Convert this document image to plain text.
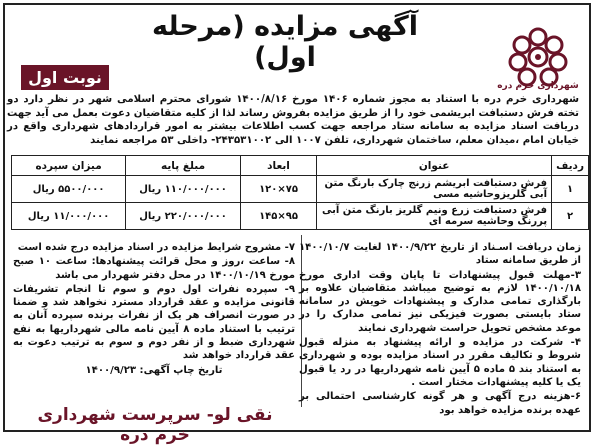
شهرداری خرم دره
آگهی مزایده (مرحله اول)
نوبت اول
شهرداری خرم دره با استناد به مجوز شماره ۱۴۰۶ مورخ ۱۴۰۰/۸/۱۶ شورای محترم اسلامی شهر در نظر دارد دو تخته فرش دستبافت ابریشمی خود را از طریق مزایده بفروش رساند لذا از کلیه متقاضیان دعوت بعمل می آید جهت دریافت اسناد مزایده به سامانه ستاد مراجعه جهت کسب اطلاعات بیشتر به امور قراردادهای شهرداری واقع در خیابان امام ،میدان معلم، ساختمان شهرداری، تلفن ۱۰۰۷ الی ۲۴۳۵۳۱۰۰۲- داخلی ۵۳ مراجعه نمایند
ردیف	عنوان	ابعاد	مبلغ پایه	میزان سپرده
۱	فرش دستبافت ابریشم زرنج چارک بارنگ متن آبی گلریزوحاشیه مسی	۷۵×۱۲۰	۱۱۰/۰۰۰/۰۰۰ ریال	۵۵۰۰/۰۰۰ ریال
۲	فرش دستبافت زرع ونیم گلریز بارنگ متن آبی پررنگ وحاشیه سرمه ای	۹۵×۱۴۵	۲۲۰/۰۰۰/۰۰۰ ریال	۱۱/۰۰۰/۰۰۰ ریال

زمان دریافت اسـناد از تاریخ ۱۴۰۰/۹/۲۲ لغایت ۱۴۰۰/۱۰/۷ از طریق سامانه ستاد

۳-مهلت قبول پیشنهادات تا پایان وقت اداری مورخ ۱۴۰۰/۱۰/۱۸ لازم به توضیح میباشد متقاضیان علاوه بر بارگذاری تمامی مدارک و پیشنهادات خویش در سامانه ستاد بایستی بصورت فیزیکی نیز تمامی مدارک را در موعد مشخص تحویل حراست شهرداری نمایند

۴- شرکت در مزایده و ارائه پیشنهاد به منزله قبول شروط و تکالیف مقرر در اسناد مزایده بوده و شهرداری به استناد بند ۵ ماده ۵ آیین نامه شهرداریها در رد یا قبول یک یا کلیه پیشنهادات مختار است .

۶-هزینه درج آگهی و هر گونه کارشناسی احتمالی بر عهده برنده مزایده خواهد بود

۷- مشروح شرایط مزایده در اسناد مزایده درج شده است

۸- ساعت ،روز و محل قرائت پیشنهادها: ساعت ۱۰ صبح مورخ ۱۴۰۰/۱۰/۱۹ در محل دفتر شهردار می باشد

۹- سپرده نفرات اول دوم و سوم تا انجام تشریفات قانونی مزایده و عقد قرارداد مسترد نخواهد شد و ضمنا در صورت انصراف هر یک از نفرات برنده سپرده آنان به ترتیب با استناد ماده ۸ آیین نامه مالی شهرداریها به نفع شهرداری ضبط و از نفر دوم و سوم به ترتیب دعوت به عقد قرارداد خواهد شد

تاریخ چاپ آگهی: ۱۴۰۰/۹/۲۳

نقی لو- سرپرست شهرداری خرم دره
